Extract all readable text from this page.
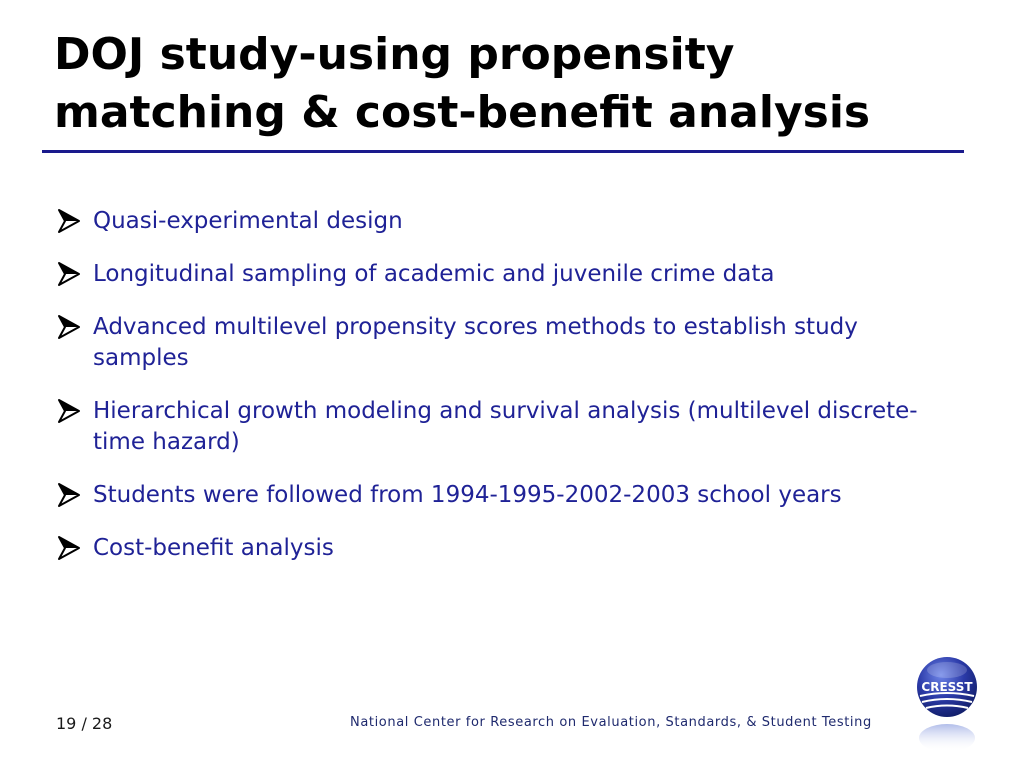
DOJ study-using propensity
matching & cost-benefit analysis
Quasi-experimental design
Longitudinal sampling of academic and juvenile crime data
Advanced multilevel propensity scores methods to establish study samples
Hierarchical growth modeling and survival analysis (multilevel discrete-time hazard)
Students were followed from 1994-1995-2002-2003 school years
Cost-benefit analysis
19 / 28	National Center for Research on Evaluation, Standards, & Student Testing
CRESST
